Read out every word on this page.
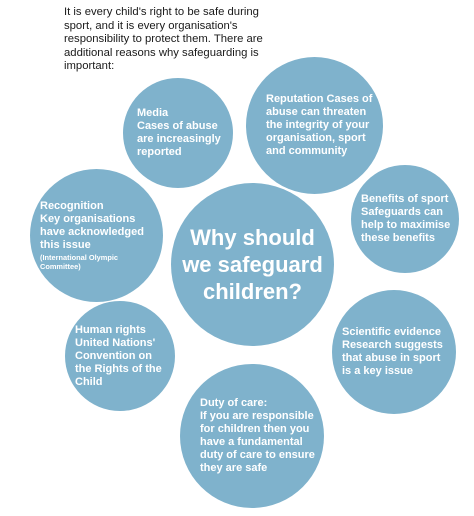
It is every child's right to be safe during sport, and it is every organisation's responsibility to protect them. There are additional reasons why safeguarding is important:

Media
Cases of abuse are increasingly reported
Reputation Cases of abuse can threaten the integrity of your organisation, sport and community
Recognition
Key organisations have acknowledged this issue
(International Olympic Committee)
Benefits of sport
Safeguards can help to maximise these benefits
Why should we safeguard children?
Human rights
United Nations' Convention on the Rights of the Child
Scientific evidence
Research suggests that abuse in sport is a key issue
Duty of care:
If you are responsible for children then you have a fundamental duty of care to ensure they are safe
